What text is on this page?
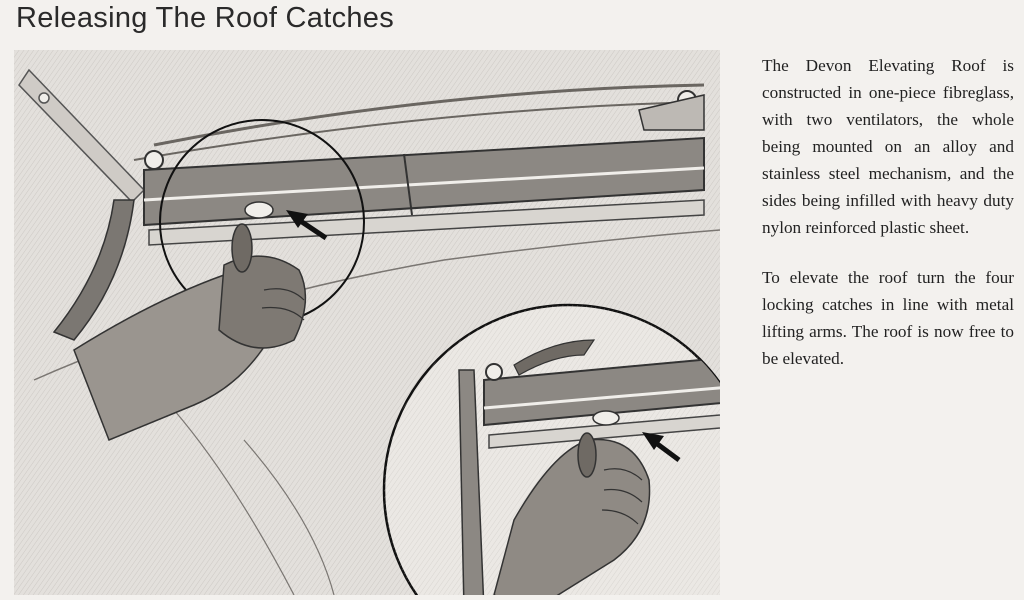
Releasing The Roof Catches

The Devon Elevating Roof is constructed in one-piece fibreglass, with two ventilators, the whole being mounted on an alloy and stainless steel mechanism, and the sides being infilled with heavy duty nylon reinforced plastic sheet.

To elevate the roof turn the four locking catches in line with metal lifting arms. The roof is now free to be elevated.
